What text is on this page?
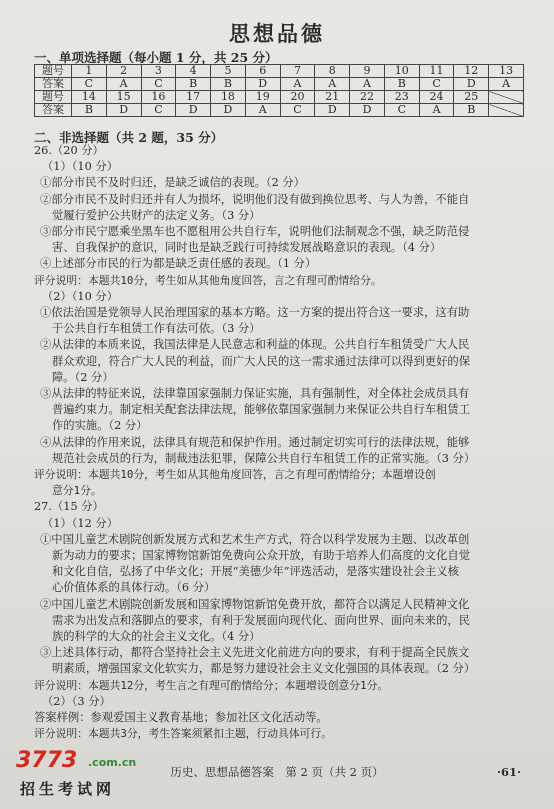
思想品德
一、单项选择题（每小题 1 分，共 25 分）
题号	1	2	3	4	5	6	7	8	9	10	11	12	13
答案	C	A	C	B	B	D	A	A	A	B	C	D	A
题号	14	15	16	17	18	19	20	21	22	23	24	25	
答案	B	D	C	D	D	A	C	D	D	C	A	B	
二、非选择题（共 2 题，35 分）
26.（20 分）
（1）（10 分）
①部分市民不及时归还，是缺乏诚信的表现。（2 分）
②部分市民不及时归还并有人为损坏，说明他们没有做到换位思考、与人为善，不能自
觉履行爱护公共财产的法定义务。（3 分）
③部分市民宁愿乘坐黑车也不愿租用公共自行车，说明他们法制观念不强，缺乏防范侵
害、自我保护的意识，同时也是缺乏践行可持续发展战略意识的表现。（4 分）
④上述部分市民的行为都是缺乏责任感的表现。（1 分）
评分说明：本题共10分，考生如从其他角度回答，言之有理可酌情给分。
（2）（10 分）
①依法治国是党领导人民治理国家的基本方略。这一方案的提出符合这一要求，这有助
于公共自行车租赁工作有法可依。（3 分）
②从法律的本质来说，我国法律是人民意志和利益的体现。公共自行车租赁受广大人民
群众欢迎，符合广大人民的利益，而广大人民的这一需求通过法律可以得到更好的保
障。（2 分）
③从法律的特征来说，法律靠国家强制力保证实施，具有强制性，对全体社会成员具有
普遍约束力。制定相关配套法律法规，能够依靠国家强制力来保证公共自行车租赁工
作的实施。（2 分）
④从法律的作用来说，法律具有规范和保护作用。通过制定切实可行的法律法规，能够
规范社会成员的行为，制裁违法犯罪，保障公共自行车租赁工作的正常实施。（3 分）
评分说明：本题共10分，考生如从其他角度回答，言之有理可酌情给分；本题增设创
意分1分。
27.（15 分）
（1）（12 分）
①中国儿童艺术剧院创新发展方式和艺术生产方式，符合以科学发展为主题、以改革创
新为动力的要求；国家博物馆新馆免费向公众开放，有助于培养人们高度的文化自觉
和文化自信，弘扬了中华文化；开展“美德少年”评选活动，是落实建设社会主义核
心价值体系的具体行动。（6 分）
②中国儿童艺术剧院创新发展和国家博物馆新馆免费开放，都符合以满足人民精神文化
需求为出发点和落脚点的要求，有利于发展面向现代化、面向世界、面向未来的，民
族的科学的大众的社会主义文化。（4 分）
③上述具体行动，都符合坚持社会主义先进文化前进方向的要求，有利于提高全民族文
明素质，增强国家文化软实力，都是努力建设社会主义文化强国的具体表现。（2 分）
评分说明：本题共12分，考生言之有理可酌情给分；本题增设创意分1分。
（2）（3 分）
答案样例：参观爱国主义教育基地；参加社区文化活动等。
评分说明：本题共3分，考生答案须紧扣主题，行动具体可行。
3773 .com.cn
招生考试网
历史、思想品德答案　第 2 页（共 2 页）	·61·
